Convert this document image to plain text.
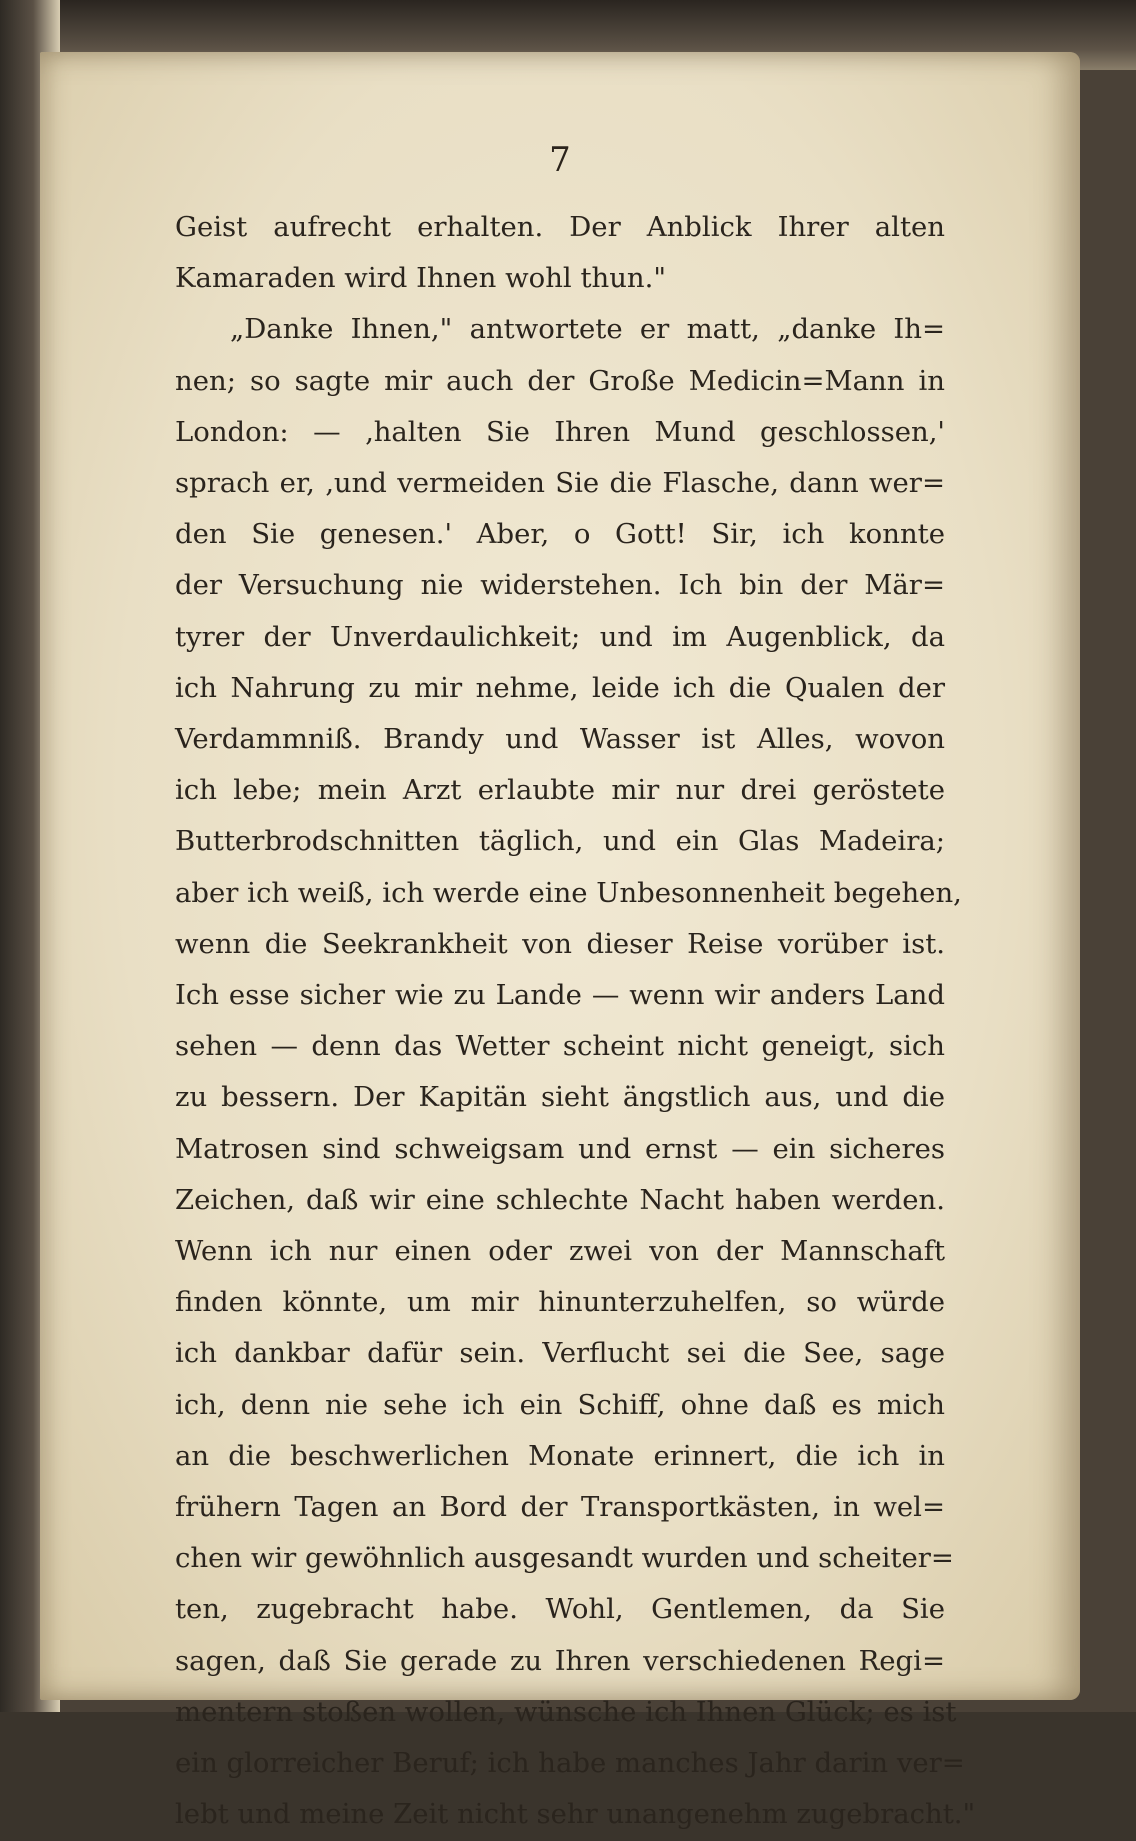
7
Geist aufrecht erhalten. Der Anblick Ihrer alten
Kamaraden wird Ihnen wohl thun."
„Danke Ihnen," antwortete er matt, „danke Ih=
nen; so sagte mir auch der Große Medicin=Mann in
London: — ‚halten Sie Ihren Mund geschlossen,'
sprach er, ‚und vermeiden Sie die Flasche, dann wer=
den Sie genesen.' Aber, o Gott! Sir, ich konnte
der Versuchung nie widerstehen. Ich bin der Mär=
tyrer der Unverdaulichkeit; und im Augenblick, da
ich Nahrung zu mir nehme, leide ich die Qualen der
Verdammniß. Brandy und Wasser ist Alles, wovon
ich lebe; mein Arzt erlaubte mir nur drei geröstete
Butterbrodschnitten täglich, und ein Glas Madeira;
aber ich weiß, ich werde eine Unbesonnenheit begehen,
wenn die Seekrankheit von dieser Reise vorüber ist.
Ich esse sicher wie zu Lande — wenn wir anders Land
sehen — denn das Wetter scheint nicht geneigt, sich
zu bessern. Der Kapitän sieht ängstlich aus, und die
Matrosen sind schweigsam und ernst — ein sicheres
Zeichen, daß wir eine schlechte Nacht haben werden.
Wenn ich nur einen oder zwei von der Mannschaft
finden könnte, um mir hinunterzuhelfen, so würde
ich dankbar dafür sein. Verflucht sei die See, sage
ich, denn nie sehe ich ein Schiff, ohne daß es mich
an die beschwerlichen Monate erinnert, die ich in
frühern Tagen an Bord der Transportkästen, in wel=
chen wir gewöhnlich ausgesandt wurden und scheiter=
ten, zugebracht habe. Wohl, Gentlemen, da Sie
sagen, daß Sie gerade zu Ihren verschiedenen Regi=
mentern stoßen wollen, wünsche ich Ihnen Glück; es ist
ein glorreicher Beruf; ich habe manches Jahr darin ver=
lebt und meine Zeit nicht sehr unangenehm zugebracht."
